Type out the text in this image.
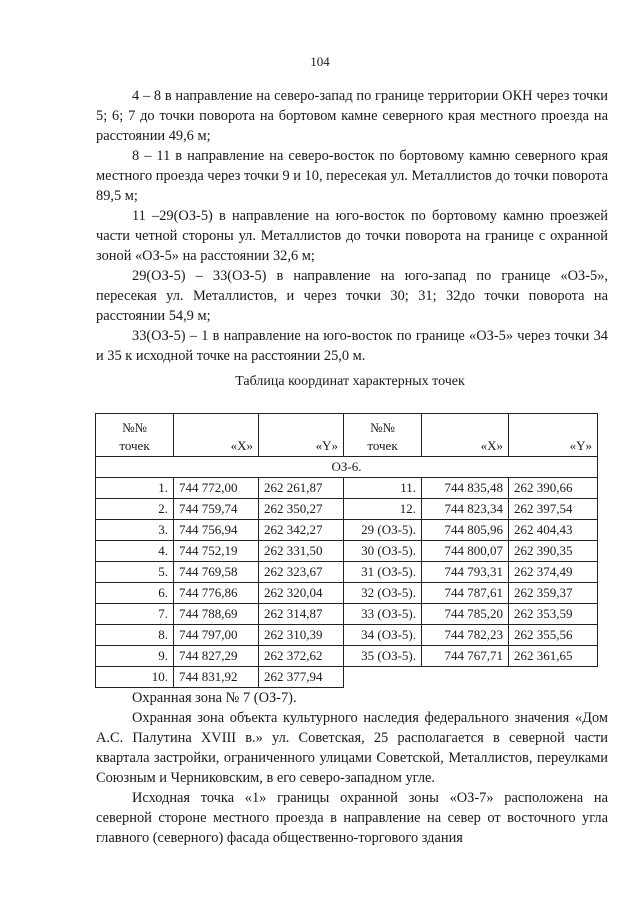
104

4 – 8 в направление на северо-запад по границе территории ОКН через точки 5; 6; 7 до точки поворота на бортовом камне северного края местного проезда на расстоянии 49,6 м;

8 – 11 в направление на северо-восток по бортовому камню северного края местного проезда через точки 9 и 10, пересекая ул. Металлистов до точки поворота 89,5 м;

11 –29(ОЗ-5) в направление на юго-восток по бортовому камню проезжей части четной стороны ул. Металлистов до точки поворота на границе с охранной зоной «ОЗ-5» на расстоянии 32,6 м;

29(ОЗ-5) – 33(ОЗ-5) в направление на юго-запад по границе «ОЗ-5», пересекая ул. Металлистов, и через точки 30; 31; 32до точки поворота на расстоянии 54,9 м;

33(ОЗ-5) – 1 в направление на юго-восток по границе «ОЗ-5» через точки 34 и 35 к исходной точке на расстоянии 25,0 м.

Таблица координат характерных точек
№№			№№		
точек	«X»	«Y»	точек	«X»	«Y»
ОЗ-6.					
1.	744 772,00	262 261,87	11.	744 835,48	262 390,66
2.	744 759,74	262 350,27	12.	744 823,34	262 397,54
3.	744 756,94	262 342,27	29 (ОЗ-5).	744 805,96	262 404,43
4.	744 752,19	262 331,50	30 (ОЗ-5).	744 800,07	262 390,35
5.	744 769,58	262 323,67	31 (ОЗ-5).	744 793,31	262 374,49
6.	744 776,86	262 320,04	32 (ОЗ-5).	744 787,61	262 359,37
7.	744 788,69	262 314,87	33 (ОЗ-5).	744 785,20	262 353,59
8.	744 797,00	262 310,39	34 (ОЗ-5).	744 782,23	262 355,56
9.	744 827,29	262 372,62	35 (ОЗ-5).	744 767,71	262 361,65
10.	744 831,92	262 377,94			

Охранная зона № 7 (ОЗ-7).

Охранная зона объекта культурного наследия федерального значения «Дом А.С. Палутина XVIII в.» ул. Советская, 25 располагается в северной части квартала застройки, ограниченного улицами Советской, Металлистов, переулками Союзным и Черниковским, в его северо-западном угле.

Исходная точка «1» границы охранной зоны «ОЗ-7» расположена на северной стороне местного проезда в направление на север от восточного угла главного (северного) фасада общественно-торгового здания
